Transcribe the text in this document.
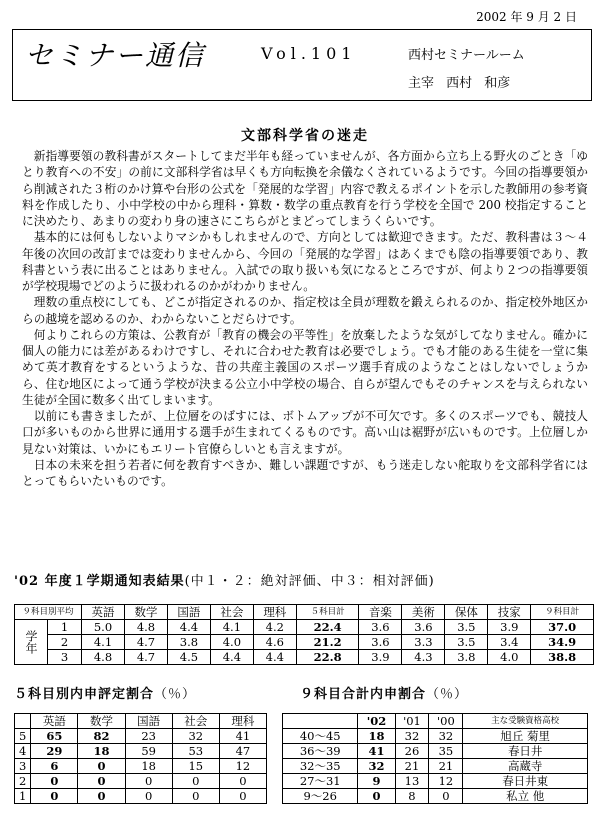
2002 年 9 月 2 日
セミナー通信	Vol.101	西村セミナールーム
主宰 西村 和彦
文部科学省の迷走

新指導要領の教科書がスタートしてまだ半年も経っていませんが、各方面から立ち上る野火のごとき「ゆとり教育への不安」の前に文部科学省は早くも方向転換を余儀なくされているようです。今回の指導要領から削減された３桁のかけ算や台形の公式を「発展的な学習」内容で教えるポイントを示した教師用の参考資料を作成したり、小中学校の中から理科・算数・数学の重点教育を行う学校を全国で 200 校指定することに決めたり、あまりの変わり身の速さにこちらがとまどってしまうくらいです。

基本的には何もしないよりマシかもしれませんので、方向としては歓迎できます。ただ、教科書は３～４年後の次回の改訂までは変わりませんから、今回の「発展的な学習」はあくまでも陰の指導要領であり、教科書という表に出ることはありません。入試での取り扱いも気になるところですが、何より２つの指導要領が学校現場でどのように扱われるのかがわかりません。

理数の重点校にしても、どこが指定されるのか、指定校は全員が理数を鍛えられるのか、指定校外地区からの越境を認めるのか、わからないことだらけです。

何よりこれらの方策は、公教育が「教育の機会の平等性」を放棄したような気がしてなりません。確かに個人の能力には差があるわけですし、それに合わせた教育は必要でしょう。でも才能のある生徒を一堂に集めて英才教育をするというような、昔の共産主義国のスポーツ選手育成のようなことはしないでしょうから、住む地区によって通う学校が決まる公立小中学校の場合、自らが望んでもそのチャンスを与えられない生徒が全国に数多く出てしまいます。

以前にも書きましたが、上位層をのばすには、ボトムアップが不可欠です。多くのスポーツでも、競技人口が多いものから世界に通用する選手が生まれてくるものです。高い山は裾野が広いものです。上位層しか見ない対策は、いかにもエリート官僚らしいとも言えますが。

日本の未来を担う若者に何を教育すべきか、難しい課題ですが、もう迷走しない舵取りを文部科学省にはとってもらいたいものです。

'02 年度１学期通知表結果(中１・２：絶対評価、中３：相対評価)
９科目別平均		英語	数学	国語	社会	理科	５科目計	音楽	美術	保体	技家	９科目計
学年	1	5.0	4.8	4.4	4.1	4.2	22.4	3.6	3.6	3.5	3.9	37.0
	2	4.1	4.7	3.8	4.0	4.6	21.2	3.6	3.3	3.5	3.4	34.9
	3	4.8	4.7	4.5	4.4	4.4	22.8	3.9	4.3	3.8	4.0	38.8
５科目別内申評定割合（％）	９科目合計内申割合（％）
	英語	数学	国語	社会	理科
5	65	82	23	32	41
4	29	18	59	53	47
3	6	0	18	15	12
2	0	0	0	0	0
1	0	0	0	0	0
	'02	'01	'00	主な受験資格高校
40～45	18	32	32	旭丘 菊里
36～39	41	26	35	春日井
32～35	32	21	21	高蔵寺
27～31	9	13	12	春日井東
9～26	0	8	0	私立 他
